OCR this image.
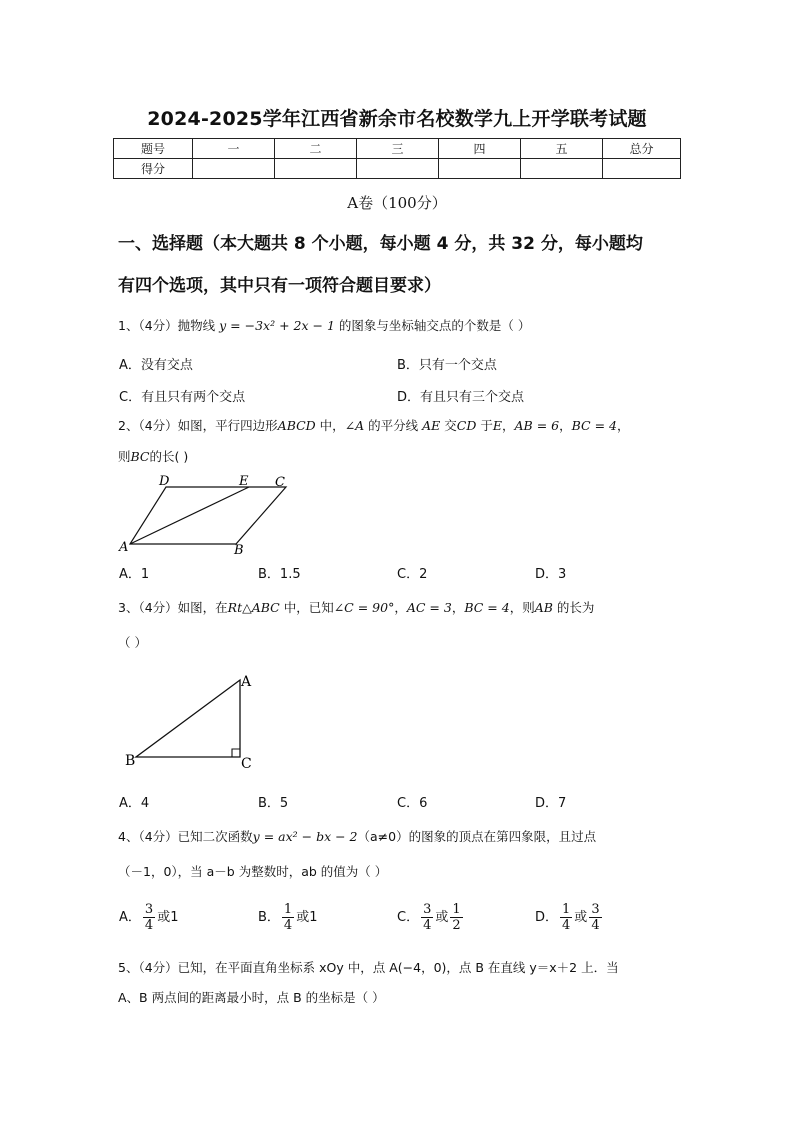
2024-2025学年江西省新余市名校数学九上开学联考试题
题号	一	二	三	四	五	总分
得分						
A卷（100分）
一、选择题（本大题共 8 个小题，每小题 4 分，共 32 分，每小题均
有四个选项，其中只有一项符合题目要求）
1、（4分）抛物线 y = −3x² + 2x − 1 的图象与坐标轴交点的个数是（ ）
A．没有交点	B．只有一个交点
C．有且只有两个交点	D．有且只有三个交点
2、（4分）如图，平行四边形ABCD 中，∠A 的平分线 AE 交CD 于E，AB = 6，BC = 4，
则BC的长( )
A	B
C
D	E
A．1	B．1.5	C．2	D．3
3、（4分）如图，在Rt△ABC 中，已知∠C = 90°，AC = 3，BC = 4，则AB 的长为
（ ）
A
B	C
A．4	B．5	C．6	D．7
4、（4分）已知二次函数y = ax² − bx − 2（a≠0）的图象的顶点在第四象限，且过点
（－1，0），当 a－b 为整数时，ab 的值为（ ）
A． $\frac{3}{4}$ 或1	B． $\frac{1}{4}$ 或1	C． $\frac{3}{4}$ 或 $\frac{1}{2}$	D． $\frac{1}{4}$ 或 $\frac{3}{4}$
5、（4分）已知，在平面直角坐标系 xOy 中，点 A(−4，0)，点 B 在直线 y＝x＋2 上．当
A、B 两点间的距离最小时，点 B 的坐标是（ ）
